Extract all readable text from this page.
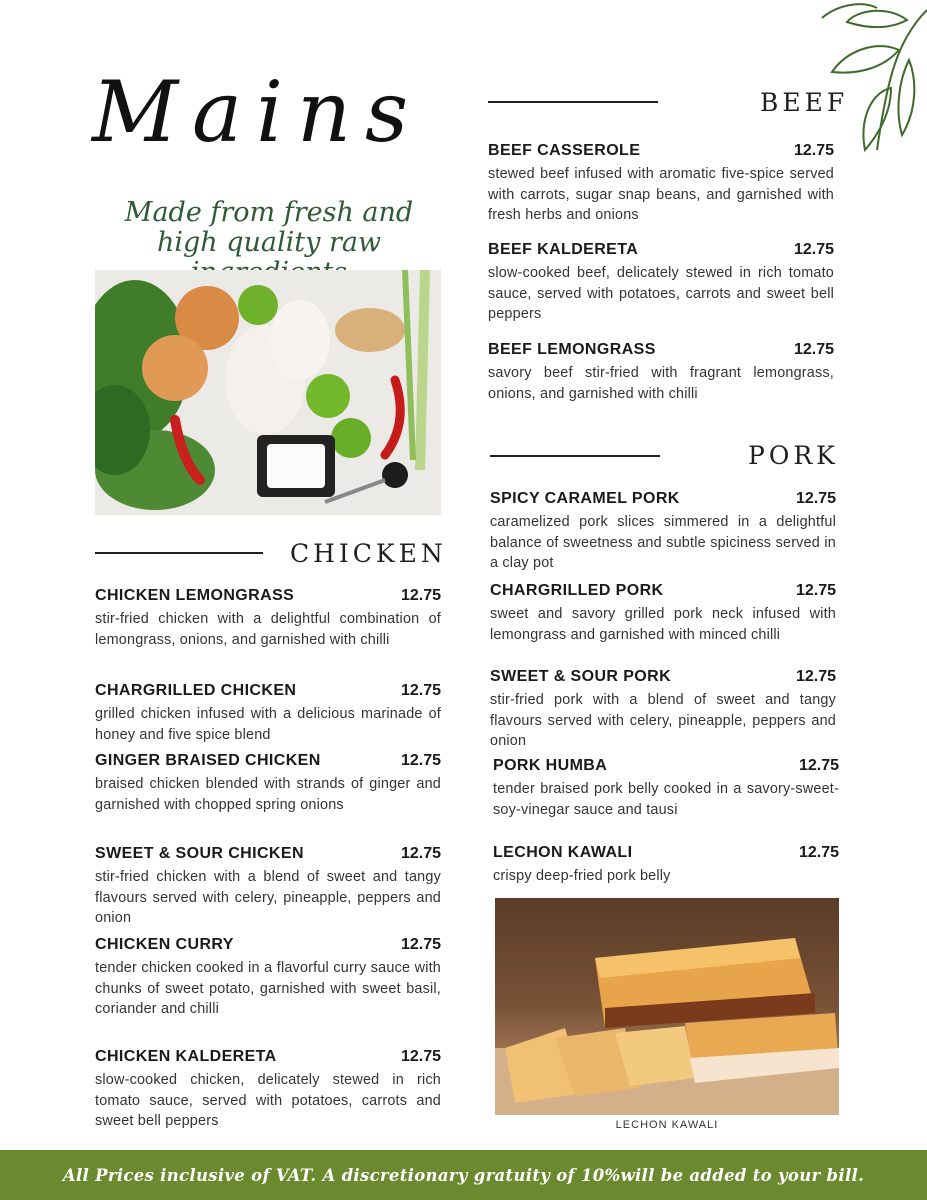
Mains
Made from fresh and high quality raw
CHICKEN
CHICKEN LEMONGRASS	12.75
stir-fried chicken with a delightful combination of lemongrass, onions, and garnished with chilli
CHARGRILLED CHICKEN	12.75
grilled chicken infused with a delicious marinade of honey and five spice blend
GINGER BRAISED CHICKEN	12.75
braised chicken blended with strands of ginger and garnished with chopped spring onions
SWEET & SOUR CHICKEN	12.75
stir-fried chicken with a blend of sweet and tangy flavours served with celery, pineapple, peppers and onion
CHICKEN CURRY	12.75
tender chicken cooked in a flavorful curry sauce with chunks of sweet potato, garnished with sweet basil, coriander and chilli
CHICKEN KALDERETA	12.75
slow-cooked chicken, delicately stewed in rich tomato sauce, served with potatoes, carrots and sweet bell peppers
BEEF
BEEF CASSEROLE	12.75
stewed beef infused with aromatic five-spice served with carrots, sugar snap beans, and garnished with fresh herbs and onions
BEEF KALDERETA	12.75
slow-cooked beef, delicately stewed in rich tomato sauce, served with potatoes, carrots and sweet bell peppers
BEEF LEMONGRASS	12.75
savory beef stir-fried with fragrant lemongrass, onions, and garnished with chilli
PORK
SPICY CARAMEL PORK	12.75
caramelized pork slices simmered in a delightful balance of sweetness and subtle spiciness served in a clay pot
CHARGRILLED PORK	12.75
sweet and savory grilled pork neck infused with lemongrass and garnished with minced chilli
SWEET & SOUR PORK	12.75
stir-fried pork with a blend of sweet and tangy flavours served with celery, pineapple, peppers and onion
PORK HUMBA	12.75
tender braised pork belly cooked in a savory-sweet-soy-vinegar sauce and tausi
LECHON KAWALI	12.75
crispy deep-fried pork belly
LECHON KAWALI
All Prices inclusive of VAT. A discretionary gratuity of 10%will be added to your bill.
